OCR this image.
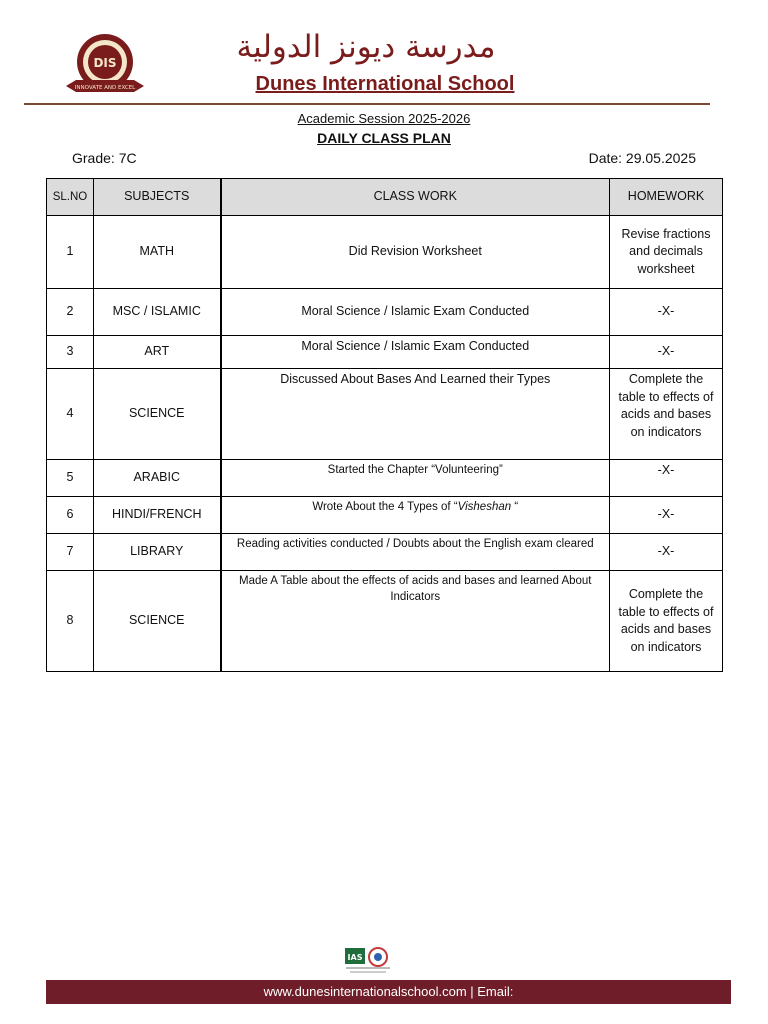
DIS
INNOVATE AND EXCEL
مدرسة ديونز الدولية
Dunes International School
Academic Session 2025-2026
DAILY CLASS PLAN
Grade: 7C	Date: 29.05.2025
SL.NO	SUBJECTS	CLASS WORK	HOMEWORK
1	MATH	Did Revision Worksheet	Revise fractions and decimals worksheet
2	MSC / ISLAMIC	Moral Science / Islamic Exam Conducted	-X-
3	ART	Moral Science / Islamic Exam Conducted	-X-
4	SCIENCE	Discussed About Bases And Learned their Types	Complete the table to effects of acids and bases on indicators
5	ARABIC	Started the Chapter “Volunteering”	-X-
6	HINDI/FRENCH	Wrote About the 4 Types of “Visheshan “	-X-
7	LIBRARY	Reading activities conducted / Doubts about the English exam cleared	-X-
8	SCIENCE	Made A Table about the effects of acids and bases and learned About Indicators	Complete the table to effects of acids and bases on indicators
IAS
www.dunesinternationalschool.com | Email:
